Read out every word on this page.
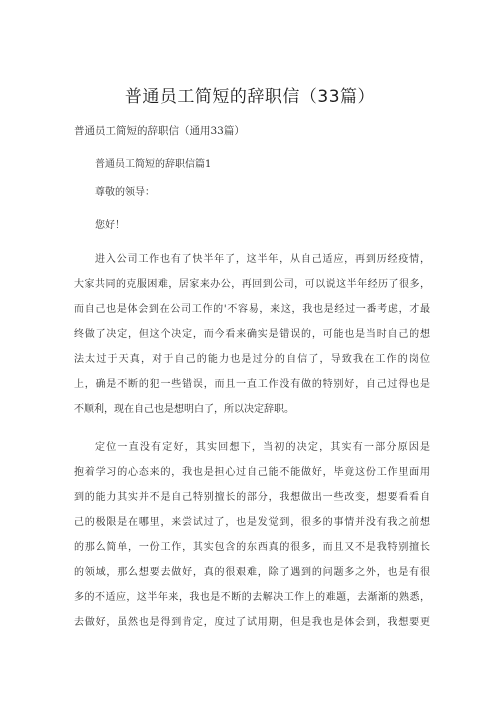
普通员工简短的辞职信（33篇）
普通员工简短的辞职信（通用33篇）
普通员工简短的辞职信篇1
尊敬的领导：
您好！
进入公司工作也有了快半年了，这半年，从自己适应，再到历经疫情，
大家共同的克服困难，居家来办公，再回到公司，可以说这半年经历了很多，
而自己也是体会到在公司工作的'不容易，来这，我也是经过一番考虑，才最
终做了决定，但这个决定，而今看来确实是错误的，可能也是当时自己的想
法太过于天真，对于自己的能力也是过分的自信了，导致我在工作的岗位
上，确是不断的犯一些错误，而且一直工作没有做的特别好，自己过得也是
不顺利，现在自己也是想明白了，所以决定辞职。
定位一直没有定好，其实回想下，当初的决定，其实有一部分原因是
抱着学习的心态来的，我也是担心过自己能不能做好，毕竟这份工作里面用
到的能力其实并不是自己特别擅长的部分，我想做出一些改变，想要看看自
己的极限是在哪里，来尝试过了，也是发觉到，很多的事情并没有我之前想
的那么简单，一份工作，其实包含的东西真的很多，而且又不是我特别擅长
的领域，那么想要去做好，真的很艰难，除了遇到的问题多之外，也是有很
多的不适应，这半年来，我也是不断的去解决工作上的难题，去渐渐的熟悉，
去做好，虽然也是得到肯定，度过了试用期，但是我也是体会到，我想要更
